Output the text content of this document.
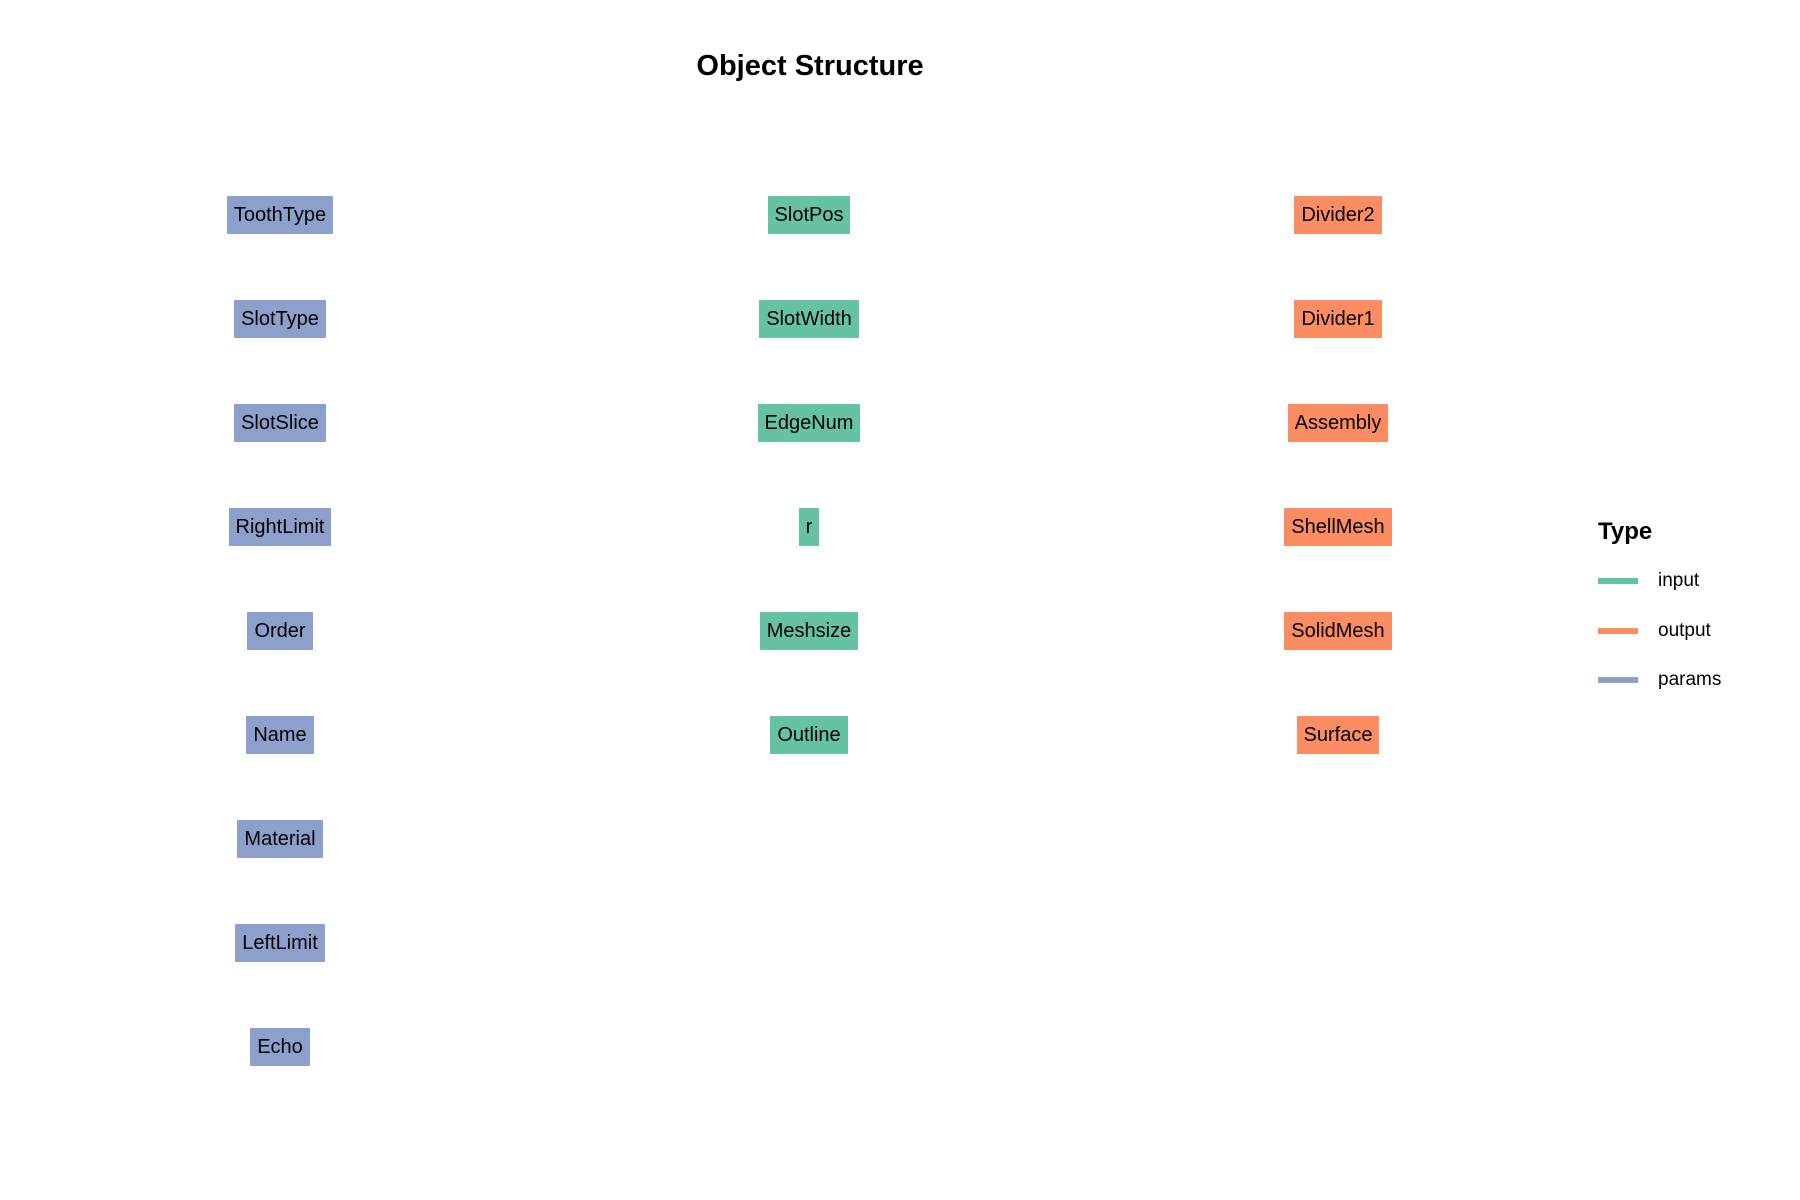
Object Structure
ToothType
SlotType
SlotSlice
RightLimit
Order
Name
Material
LeftLimit
Echo
SlotPos
SlotWidth
EdgeNum
r
Meshsize
Outline
Divider2
Divider1
Assembly
ShellMesh
SolidMesh
Surface
Type
input
output
params
